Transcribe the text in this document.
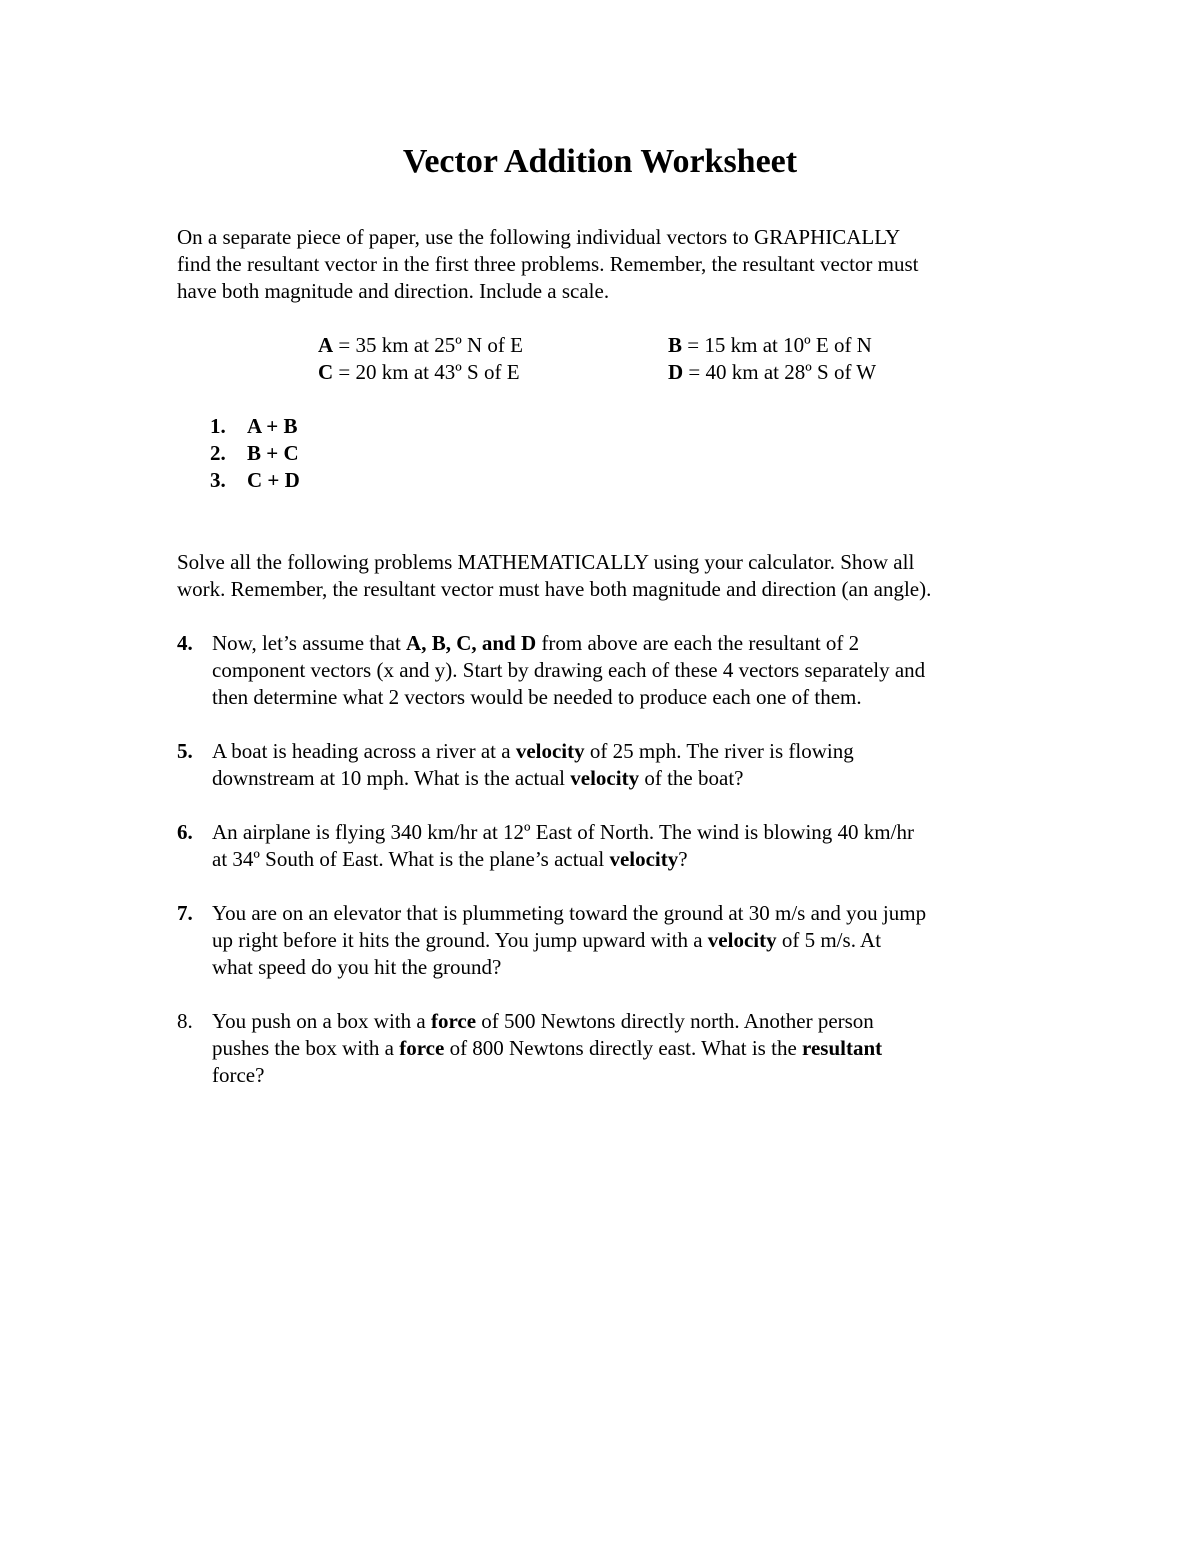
Vector Addition Worksheet
On a separate piece of paper, use the following individual vectors to GRAPHICALLY
find the resultant vector in the first three problems. Remember, the resultant vector must
have both magnitude and direction. Include a scale.
A = 35 km at 25º N of E	B = 15 km at 10º E of N
C = 20 km at 43º S of E	D = 40 km at 28º S of W
1.	A + B
2.	B + C
3.	C + D
Solve all the following problems MATHEMATICALLY using your calculator. Show all
work. Remember, the resultant vector must have both magnitude and direction (an angle).
4. Now, let’s assume that A, B, C, and D from above are each the resultant of 2

component vectors (x and y). Start by drawing each of these 4 vectors separately and

then determine what 2 vectors would be needed to produce each one of them.

5. A boat is heading across a river at a velocity of 25 mph. The river is flowing

downstream at 10 mph. What is the actual velocity of the boat?

6. An airplane is flying 340 km/hr at 12º East of North. The wind is blowing 40 km/hr

at 34º South of East. What is the plane’s actual velocity?

7. You are on an elevator that is plummeting toward the ground at 30 m/s and you jump

up right before it hits the ground. You jump upward with a velocity of 5 m/s. At

what speed do you hit the ground?

8. You push on a box with a force of 500 Newtons directly north. Another person

pushes the box with a force of 800 Newtons directly east. What is the resultant

force?
